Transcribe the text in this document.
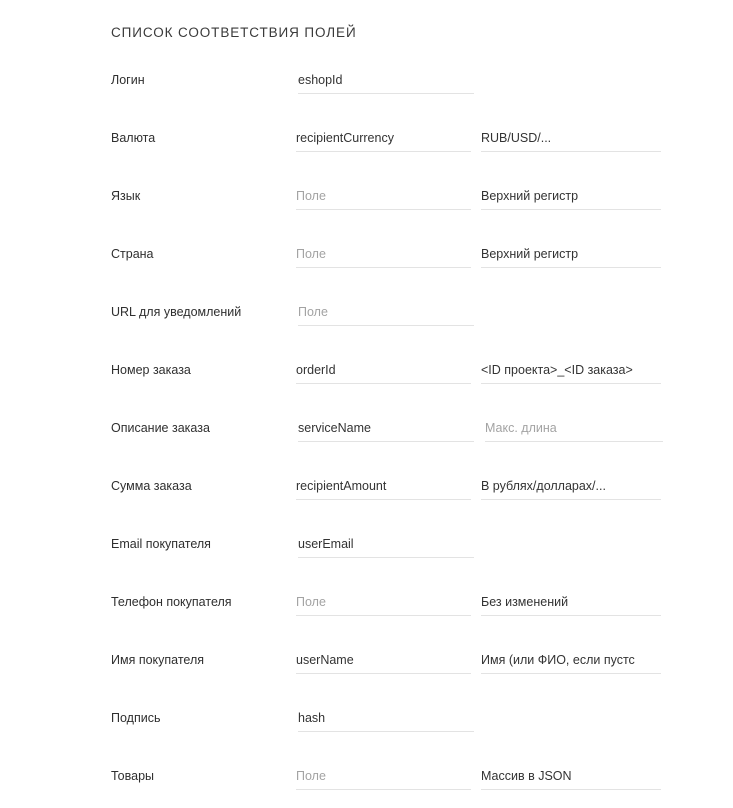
СПИСОК СООТВЕТСТВИЯ ПОЛЕЙ
Логин
eshopId
Валюта
recipientCurrency
RUB/USD/...
Язык
Поле
Верхний регистр
Страна
Поле
Верхний регистр
URL для уведомлений
Поле
Номер заказа
orderId
<ID проекта>_<ID заказа>
Описание заказа
serviceName
Макс. длина
Сумма заказа
recipientAmount
В рублях/долларах/...
Email покупателя
userEmail
Телефон покупателя
Поле
Без изменений
Имя покупателя
userName
Имя (или ФИО, если пустс
Подпись
hash
Товары
Поле
Массив в JSON
